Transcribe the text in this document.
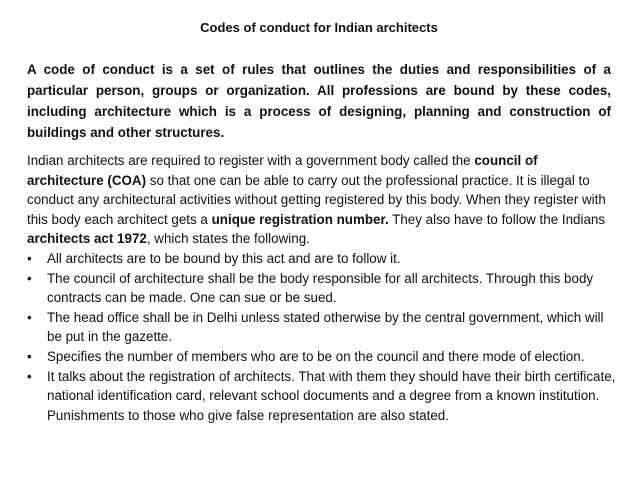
Codes of conduct for Indian architects
A code of conduct is a set of rules that outlines the duties and responsibilities of a particular person, groups or organization. All professions are bound by these codes, including architecture which is a process of designing, planning and construction of buildings and other structures.

Indian architects are required to register with a government body called the council of architecture (COA) so that one can be able to carry out the professional practice. It is illegal to conduct any architectural activities without getting registered by this body. When they register with this body each architect gets a unique registration number. They also have to follow the Indians architects act 1972, which states the following.

• All architects are to be bound by this act and are to follow it.
• The council of architecture shall be the body responsible for all architects. Through this body contracts can be made. One can sue or be sued.
• The head office shall be in Delhi unless stated otherwise by the central government, which will be put in the gazette.
• Specifies the number of members who are to be on the council and there mode of election.
• It talks about the registration of architects. That with them they should have their birth certificate, national identification card, relevant school documents and a degree from a known institution.

Punishments to those who give false representation are also stated.
